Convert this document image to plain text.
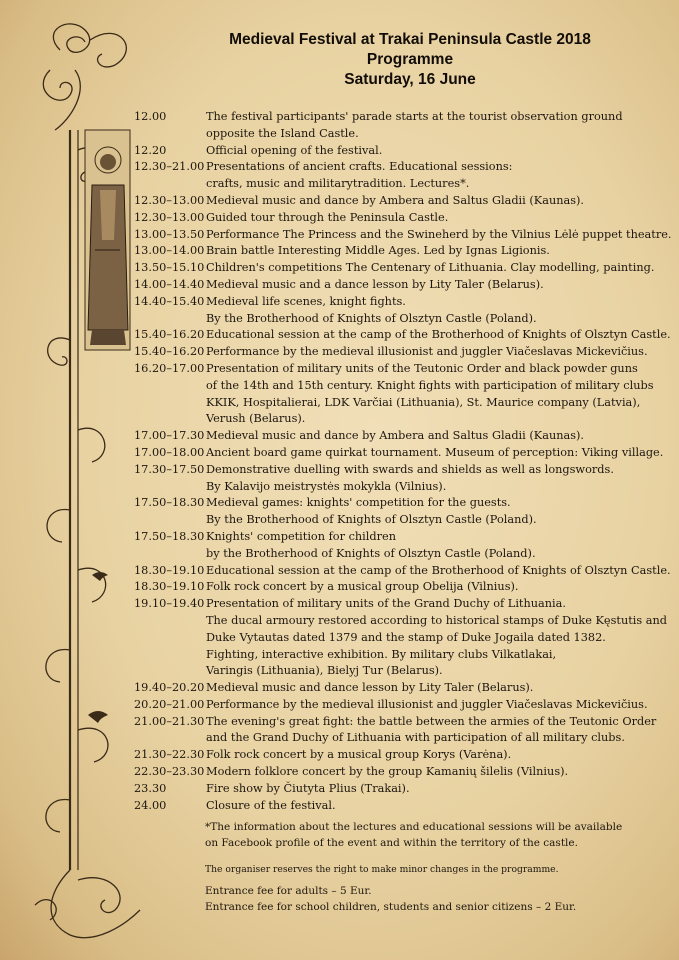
Medieval Festival at Trakai Peninsula Castle 2018
Programme
Saturday, 16 June
12.00	The festival participants' parade starts at the tourist observation ground
opposite the Island Castle.
12.20	Official opening of the festival.
12.30–21.00 Presentations of ancient crafts. Educational sessions:
crafts, music and militarytradition. Lectures*.
12.30–13.00 Medieval music and dance by Ambera and Saltus Gladii (Kaunas).
12.30–13.00 Guided tour through the Peninsula Castle.
13.00–13.50 Performance The Princess and the Swineherd by the Vilnius Lėlė puppet theatre.
13.00–14.00 Brain battle Interesting Middle Ages. Led by Ignas Ligionis.
13.50–15.10 Children's competitions The Centenary of Lithuania. Clay modelling, painting.
14.00–14.40 Medieval music and a dance lesson by Lity Taler (Belarus).
14.40–15.40 Medieval life scenes, knight fights.
By the Brotherhood of Knights of Olsztyn Castle (Poland).
15.40–16.20 Educational session at the camp of the Brotherhood of Knights of Olsztyn Castle.
15.40–16.20 Performance by the medieval illusionist and juggler Viačeslavas Mickevičius.
16.20–17.00 Presentation of military units of the Teutonic Order and black powder guns
of the 14th and 15th century. Knight fights with participation of military clubs
KKIK, Hospitalierai, LDK Varčiai (Lithuania), St. Maurice company (Latvia),
Verush (Belarus).
17.00–17.30 Medieval music and dance by Ambera and Saltus Gladii (Kaunas).
17.00–18.00 Ancient board game quirkat tournament. Museum of perception: Viking village.
17.30–17.50 Demonstrative duelling with swards and shields as well as longswords.
By Kalavijo meistrystės mokykla (Vilnius).
17.50–18.30 Medieval games: knights' competition for the guests.
By the Brotherhood of Knights of Olsztyn Castle (Poland).
17.50–18.30 Knights' competition for children
by the Brotherhood of Knights of Olsztyn Castle (Poland).
18.30–19.10 Educational session at the camp of the Brotherhood of Knights of Olsztyn Castle.
18.30–19.10 Folk rock concert by a musical group Obelija (Vilnius).
19.10–19.40 Presentation of military units of the Grand Duchy of Lithuania.
The ducal armoury restored according to historical stamps of Duke Kęstutis and
Duke Vytautas dated 1379 and the stamp of Duke Jogaila dated 1382.
Fighting, interactive exhibition. By military clubs Vilkatlakai,
Varingis (Lithuania), Bielyj Tur (Belarus).
19.40–20.20 Medieval music and dance lesson by Lity Taler (Belarus).
20.20–21.00 Performance by the medieval illusionist and juggler Viačeslavas Mickevičius.
21.00–21.30 The evening's great fight: the battle between the armies of the Teutonic Order
and the Grand Duchy of Lithuania with participation of all military clubs.
21.30–22.30 Folk rock concert by a musical group Korys (Varėna).
22.30–23.30 Modern folklore concert by the group Kamanių šilelis (Vilnius).
23.30	Fire show by Čiutyta Plius (Trakai).
24.00	Closure of the festival.
*The information about the lectures and educational sessions will be available
on Facebook profile of the event and within the territory of the castle.
The organiser reserves the right to make minor changes in the programme.
Entrance fee for adults – 5 Eur.
Entrance fee for school children, students and senior citizens – 2 Eur.
